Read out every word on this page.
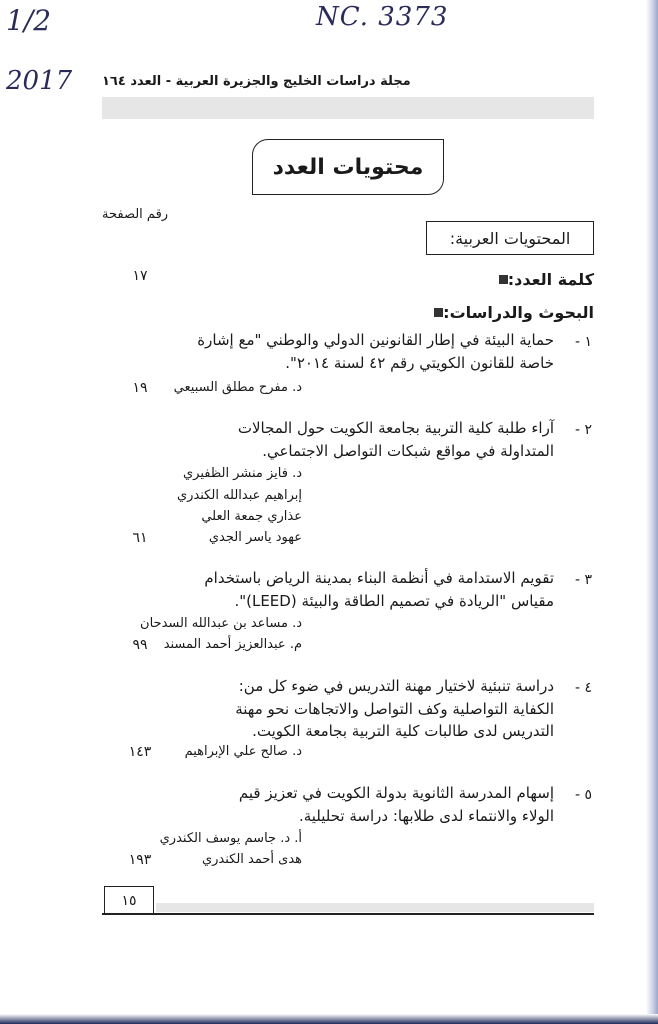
1/2
2017
NC. 3373
مجلة دراسات الخليج والجزيرة العربية - العدد ١٦٤
محتويات العدد
رقم الصفحة
المحتويات العربية:
كلمة العدد:
١٧
البحوث والدراسات:
١
-
حماية البيئة في إطار القانونين الدولي والوطني "مع إشارة
خاصة للقانون الكويتي رقم ٤٢ لسنة ٢٠١٤".
د. مفرح مطلق السبيعي
١٩
٢
-
آراء طلبة كلية التربية بجامعة الكويت حول المجالات
المتداولة في مواقع شبكات التواصل الاجتماعي.
د. فايز منشر الظفيري
إبراهيم عبدالله الكندري
عذاري جمعة العلي
عهود ياسر الجدي
٦١
٣
-
تقويم الاستدامة في أنظمة البناء بمدينة الرياض باستخدام
مقياس "الريادة في تصميم الطاقة والبيئة (LEED)".
د. مساعد بن عبدالله السدحان
م. عبدالعزيز أحمد المسند
٩٩
٤
-
دراسة تنبئية لاختيار مهنة التدريس في ضوء كل من:
الكفاية التواصلية وكف التواصل والاتجاهات نحو مهنة
التدريس لدى طالبات كلية التربية بجامعة الكويت.
د. صالح علي الإبراهيم
١٤٣
٥
-
إسهام المدرسة الثانوية بدولة الكويت في تعزيز قيم
الولاء والانتماء لدى طلابها: دراسة تحليلية.
أ. د. جاسم يوسف الكندري
هدى أحمد الكندري
١٩٣
١٥
